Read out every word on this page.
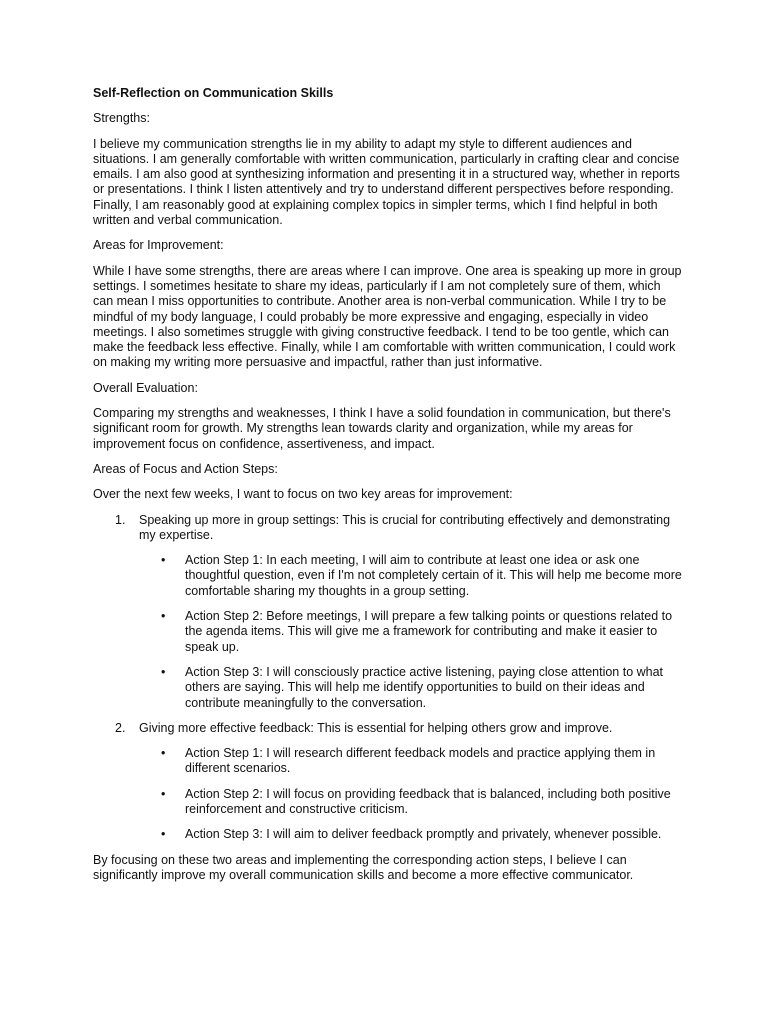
Self-Reflection on Communication Skills
Strengths:

I believe my communication strengths lie in my ability to adapt my style to different audiences and situations. I am generally comfortable with written communication, particularly in crafting clear and concise emails. I am also good at synthesizing information and presenting it in a structured way, whether in reports or presentations. I think I listen attentively and try to understand different perspectives before responding. Finally, I am reasonably good at explaining complex topics in simpler terms, which I find helpful in both written and verbal communication.

Areas for Improvement:

While I have some strengths, there are areas where I can improve. One area is speaking up more in group settings. I sometimes hesitate to share my ideas, particularly if I am not completely sure of them, which can mean I miss opportunities to contribute. Another area is non-verbal communication. While I try to be mindful of my body language, I could probably be more expressive and engaging, especially in video meetings. I also sometimes struggle with giving constructive feedback. I tend to be too gentle, which can make the feedback less effective. Finally, while I am comfortable with written communication, I could work on making my writing more persuasive and impactful, rather than just informative.

Overall Evaluation:

Comparing my strengths and weaknesses, I think I have a solid foundation in communication, but there's significant room for growth. My strengths lean towards clarity and organization, while my areas for improvement focus on confidence, assertiveness, and impact.

Areas of Focus and Action Steps:

Over the next few weeks, I want to focus on two key areas for improvement:

1. Speaking up more in group settings: This is crucial for contributing effectively and demonstrating my expertise.
• Action Step 1: In each meeting, I will aim to contribute at least one idea or ask one thoughtful question, even if I'm not completely certain of it. This will help me become more comfortable sharing my thoughts in a group setting.
• Action Step 2: Before meetings, I will prepare a few talking points or questions related to the agenda items. This will give me a framework for contributing and make it easier to speak up.
• Action Step 3: I will consciously practice active listening, paying close attention to what others are saying. This will help me identify opportunities to build on their ideas and contribute meaningfully to the conversation.
2. Giving more effective feedback: This is essential for helping others grow and improve.
• Action Step 1: I will research different feedback models and practice applying them in different scenarios.
• Action Step 2: I will focus on providing feedback that is balanced, including both positive reinforcement and constructive criticism.
• Action Step 3: I will aim to deliver feedback promptly and privately, whenever possible.

By focusing on these two areas and implementing the corresponding action steps, I believe I can significantly improve my overall communication skills and become a more effective communicator.
